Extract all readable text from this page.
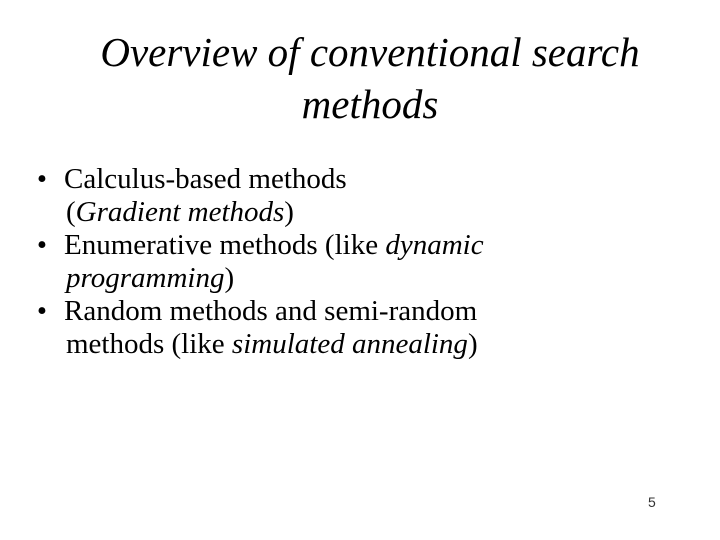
Overview of conventional search
methods
• Calculus-based methods
(Gradient methods)
• Enumerative methods (like dynamic
programming)
• Random methods and semi-random
methods (like simulated annealing)
5
